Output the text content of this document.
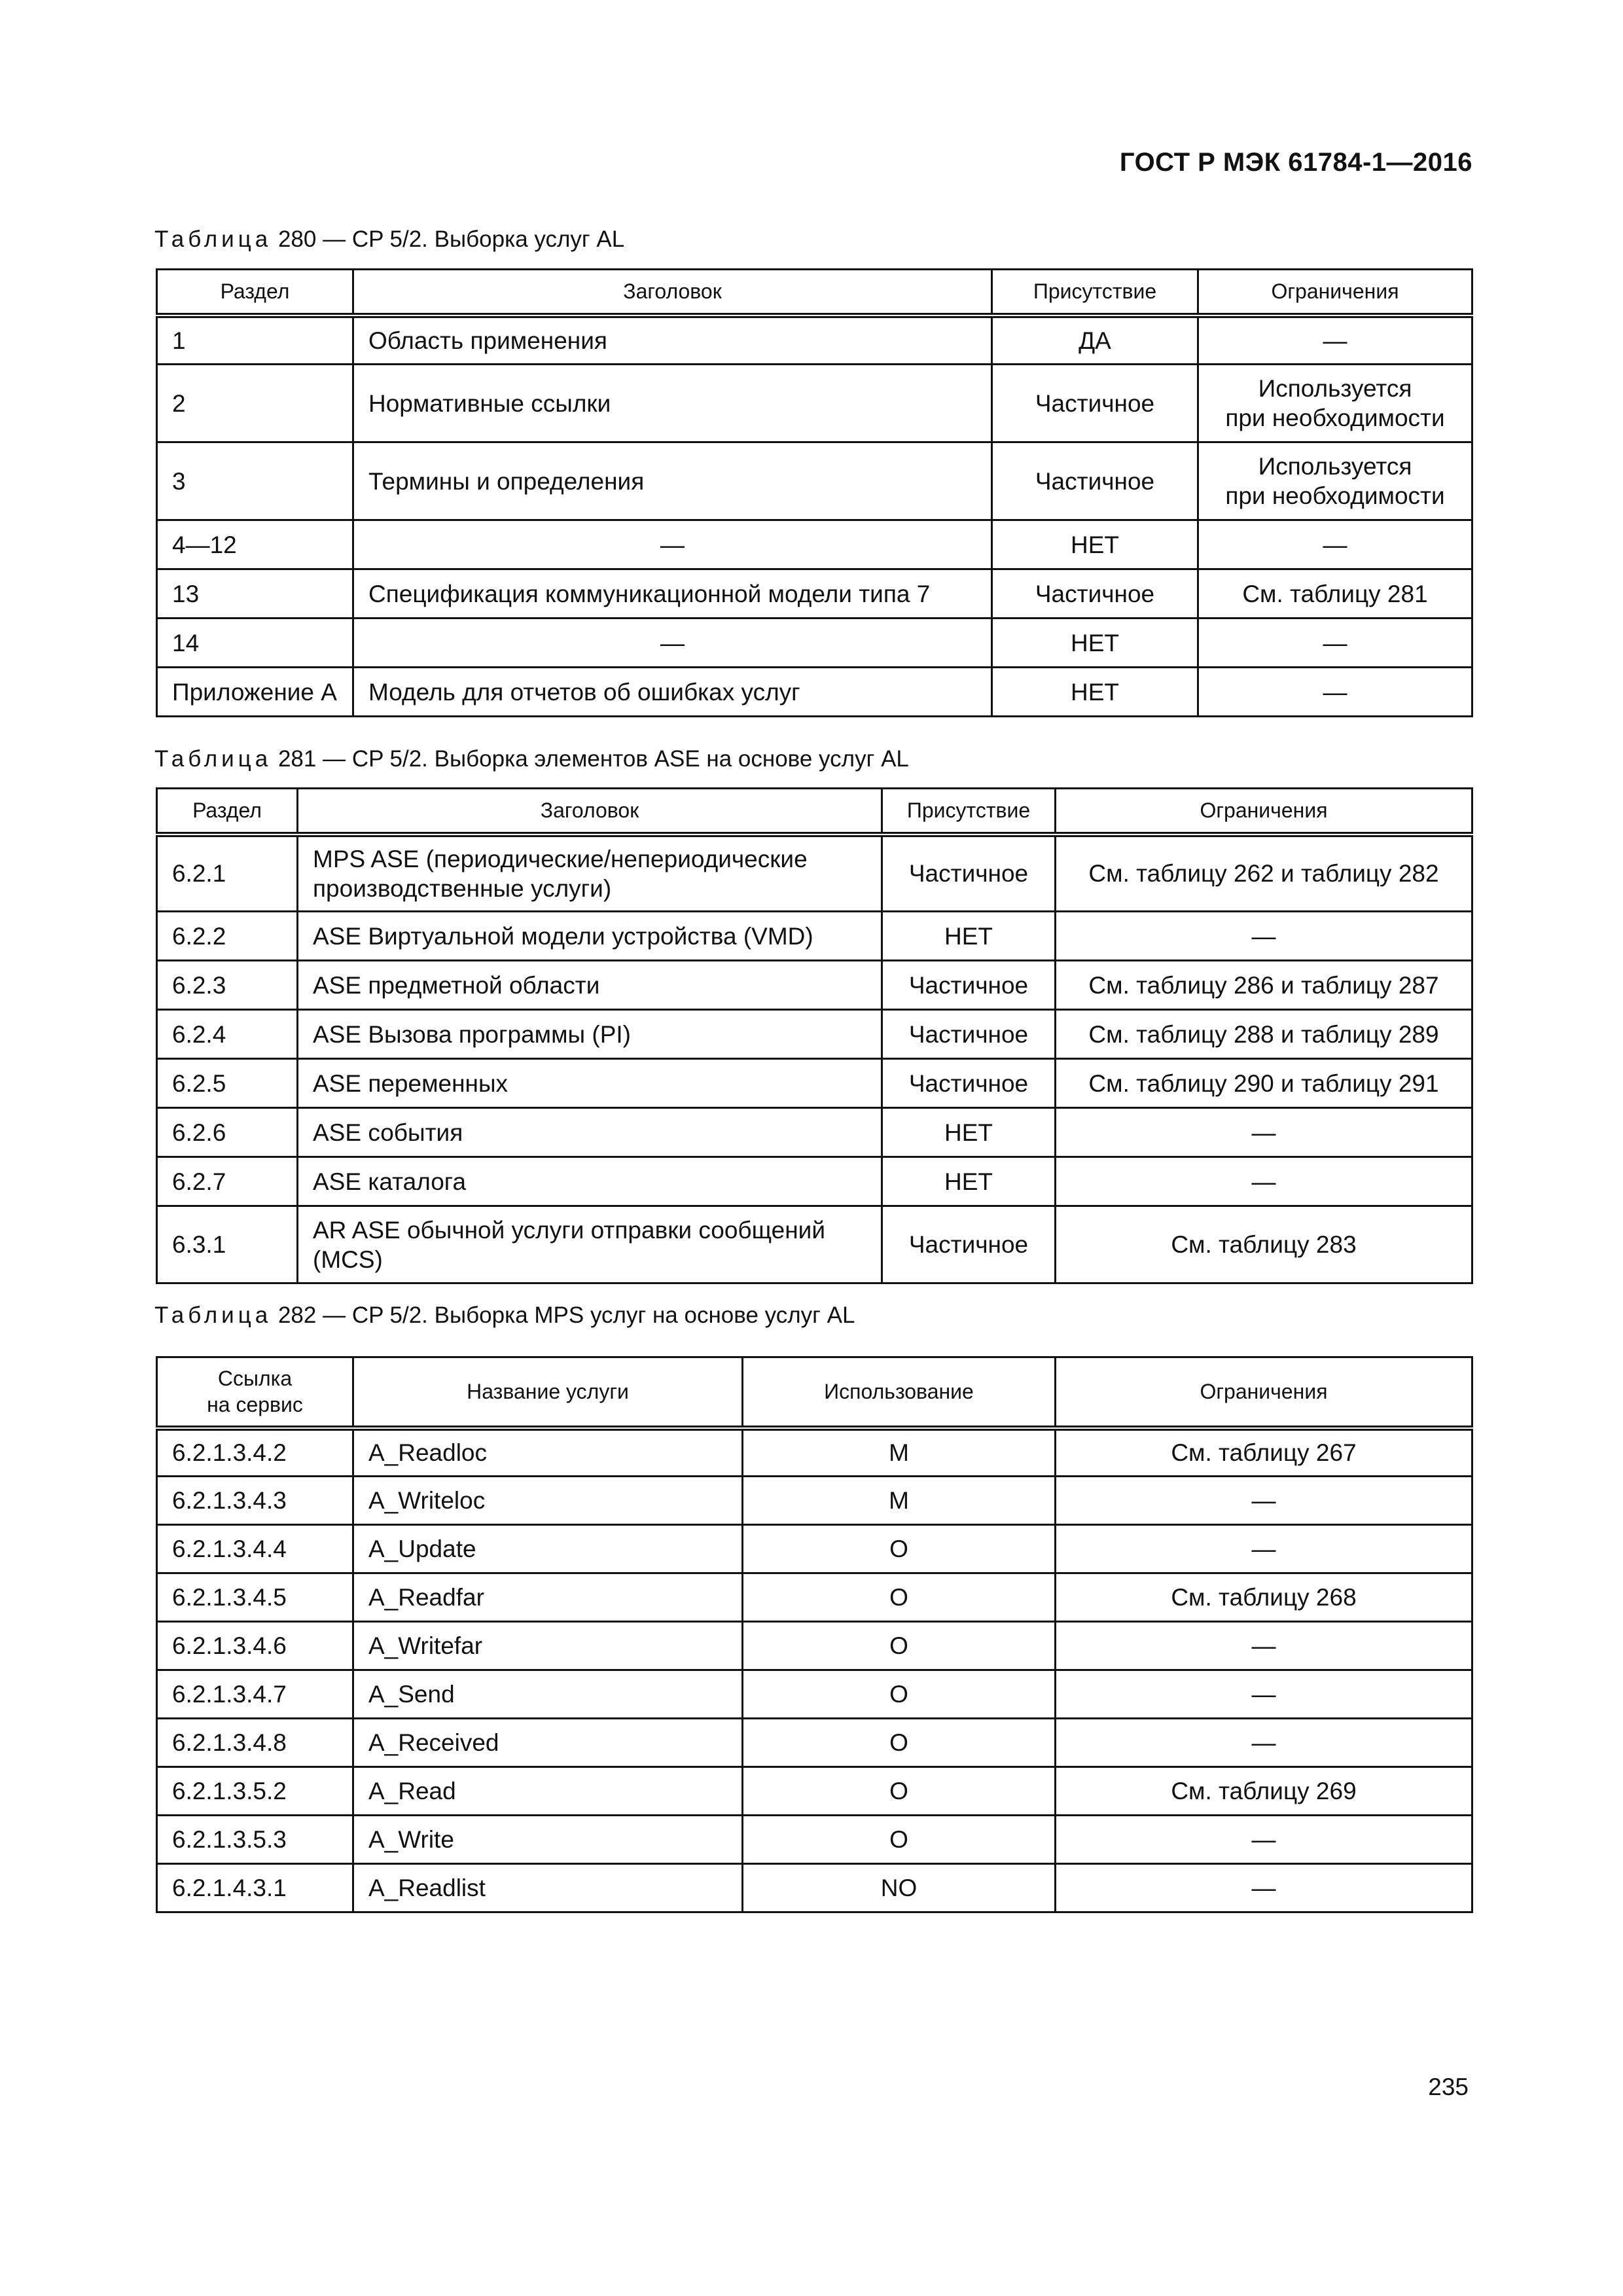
ГОСТ Р МЭК 61784-1—2016
Таблица 280 — CP 5/2. Выборка услуг AL
Раздел	Заголовок	Присутствие	Ограничения
1	Область применения	ДА	—
2	Нормативные ссылки	Частичное	Используется
при необходимости
3	Термины и определения	Частичное	Используется
при необходимости
4—12	—	НЕТ	—
13	Спецификация коммуникационной модели типа 7	Частичное	См. таблицу 281
14	—	НЕТ	—
Приложение A	Модель для отчетов об ошибках услуг	НЕТ	—
Таблица 281 — CP 5/2. Выборка элементов ASE на основе услуг AL
Раздел	Заголовок	Присутствие	Ограничения
6.2.1	MPS ASE (периодические/непериодические производственные услуги)	Частичное	См. таблицу 262 и таблицу 282
6.2.2	ASE Виртуальной модели устройства (VMD)	НЕТ	—
6.2.3	ASE предметной области	Частичное	См. таблицу 286 и таблицу 287
6.2.4	ASE Вызова программы (PI)	Частичное	См. таблицу 288 и таблицу 289
6.2.5	ASE переменных	Частичное	См. таблицу 290 и таблицу 291
6.2.6	ASE события	НЕТ	—
6.2.7	ASE каталога	НЕТ	—
6.3.1	AR ASE обычной услуги отправки сообщений (MCS)	Частичное	См. таблицу 283
Таблица 282 — CP 5/2. Выборка MPS услуг на основе услуг AL
Ссылка
на сервис	Название услуги	Использование	Ограничения
6.2.1.3.4.2	A_Readloc	M	См. таблицу 267
6.2.1.3.4.3	A_Writeloc	M	—
6.2.1.3.4.4	A_Update	O	—
6.2.1.3.4.5	A_Readfar	O	См. таблицу 268
6.2.1.3.4.6	A_Writefar	O	—
6.2.1.3.4.7	A_Send	O	—
6.2.1.3.4.8	A_Received	O	—
6.2.1.3.5.2	A_Read	O	См. таблицу 269
6.2.1.3.5.3	A_Write	O	—
6.2.1.4.3.1	A_Readlist	NO	—
235
